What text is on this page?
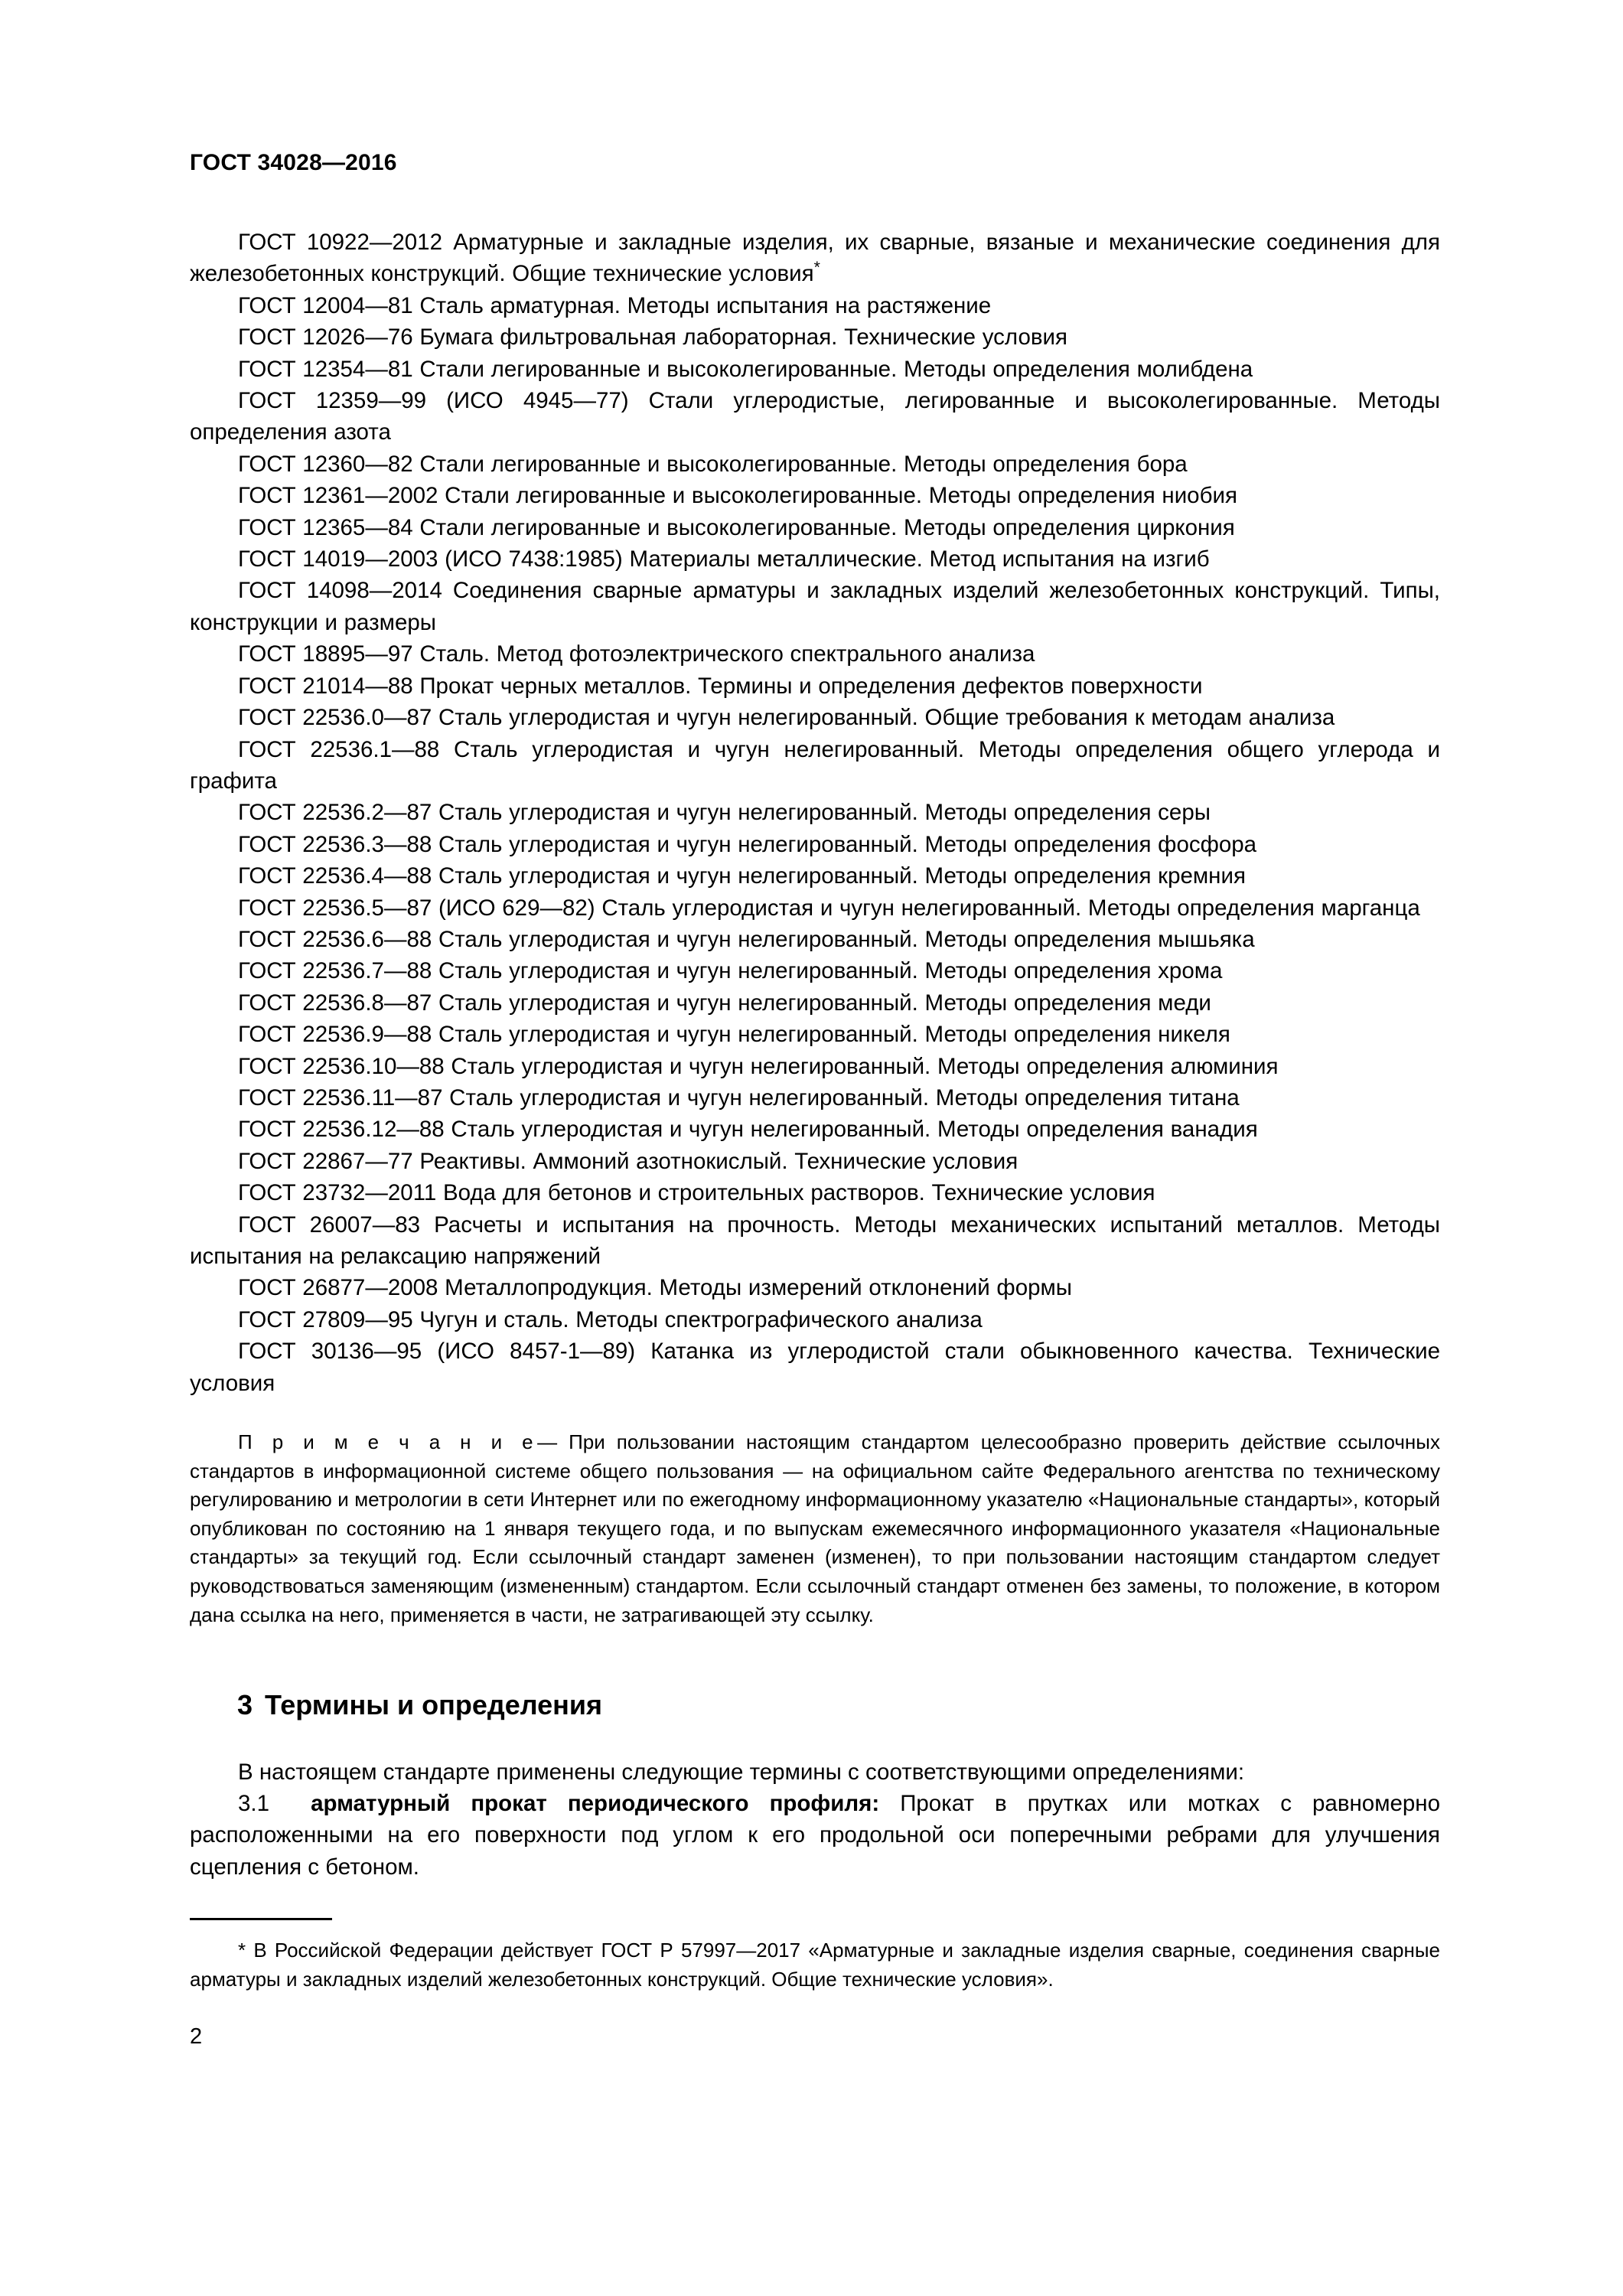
ГОСТ 34028—2016

ГОСТ 10922—2012 Арматурные и закладные изделия, их сварные, вязаные и механические соединения для железобетонных конструкций. Общие технические условия*

ГОСТ 12004—81 Сталь арматурная. Методы испытания на растяжение

ГОСТ 12026—76 Бумага фильтровальная лабораторная. Технические условия

ГОСТ 12354—81 Стали легированные и высоколегированные. Методы определения молибдена

ГОСТ 12359—99 (ИСО 4945—77) Стали углеродистые, легированные и высоколегированные. Методы определения азота

ГОСТ 12360—82 Стали легированные и высоколегированные. Методы определения бора

ГОСТ 12361—2002 Стали легированные и высоколегированные. Методы определения ниобия

ГОСТ 12365—84 Стали легированные и высоколегированные. Методы определения циркония

ГОСТ 14019—2003 (ИСО 7438:1985) Материалы металлические. Метод испытания на изгиб

ГОСТ 14098—2014 Соединения сварные арматуры и закладных изделий железобетонных конструкций. Типы, конструкции и размеры

ГОСТ 18895—97 Сталь. Метод фотоэлектрического спектрального анализа

ГОСТ 21014—88 Прокат черных металлов. Термины и определения дефектов поверхности

ГОСТ 22536.0—87 Сталь углеродистая и чугун нелегированный. Общие требования к методам анализа

ГОСТ 22536.1—88 Сталь углеродистая и чугун нелегированный. Методы определения общего углерода и графита

ГОСТ 22536.2—87 Сталь углеродистая и чугун нелегированный. Методы определения серы

ГОСТ 22536.3—88 Сталь углеродистая и чугун нелегированный. Методы определения фосфора

ГОСТ 22536.4—88 Сталь углеродистая и чугун нелегированный. Методы определения кремния

ГОСТ 22536.5—87 (ИСО 629—82) Сталь углеродистая и чугун нелегированный. Методы определения марганца

ГОСТ 22536.6—88 Сталь углеродистая и чугун нелегированный. Методы определения мышьяка

ГОСТ 22536.7—88 Сталь углеродистая и чугун нелегированный. Методы определения хрома

ГОСТ 22536.8—87 Сталь углеродистая и чугун нелегированный. Методы определения меди

ГОСТ 22536.9—88 Сталь углеродистая и чугун нелегированный. Методы определения никеля

ГОСТ 22536.10—88 Сталь углеродистая и чугун нелегированный. Методы определения алюминия

ГОСТ 22536.11—87 Сталь углеродистая и чугун нелегированный. Методы определения титана

ГОСТ 22536.12—88 Сталь углеродистая и чугун нелегированный. Методы определения ванадия

ГОСТ 22867—77 Реактивы. Аммоний азотнокислый. Технические условия

ГОСТ 23732—2011 Вода для бетонов и строительных растворов. Технические условия

ГОСТ 26007—83 Расчеты и испытания на прочность. Методы механических испытаний металлов. Методы испытания на релаксацию напряжений

ГОСТ 26877—2008 Металлопродукция. Методы измерений отклонений формы

ГОСТ 27809—95 Чугун и сталь. Методы спектрографического анализа

ГОСТ 30136—95 (ИСО 8457-1—89) Катанка из углеродистой стали обыкновенного качества. Технические условия

П р и м е ч а н и е— При пользовании настоящим стандартом целесообразно проверить действие ссылочных стандартов в информационной системе общего пользования — на официальном сайте Федерального агентства по техническому регулированию и метрологии в сети Интернет или по ежегодному информационному указателю «Национальные стандарты», который опубликован по состоянию на 1 января текущего года, и по выпускам ежемесячного информационного указателя «Национальные стандарты» за текущий год. Если ссылочный стандарт заменен (изменен), то при пользовании настоящим стандартом следует руководствоваться заменяющим (измененным) стандартом. Если ссылочный стандарт отменен без замены, то положение, в котором дана ссылка на него, применяется в части, не затрагивающей эту ссылку.

3 Термины и определения

В настоящем стандарте применены следующие термины с соответствующими определениями:

3.1 арматурный прокат периодического профиля: Прокат в прутках или мотках с равномерно расположенными на его поверхности под углом к его продольной оси поперечными ребрами для улучшения сцепления с бетоном.

* В Российской Федерации действует ГОСТ Р 57997—2017 «Арматурные и закладные изделия сварные, соединения сварные арматуры и закладных изделий железобетонных конструкций. Общие технические условия».

2
